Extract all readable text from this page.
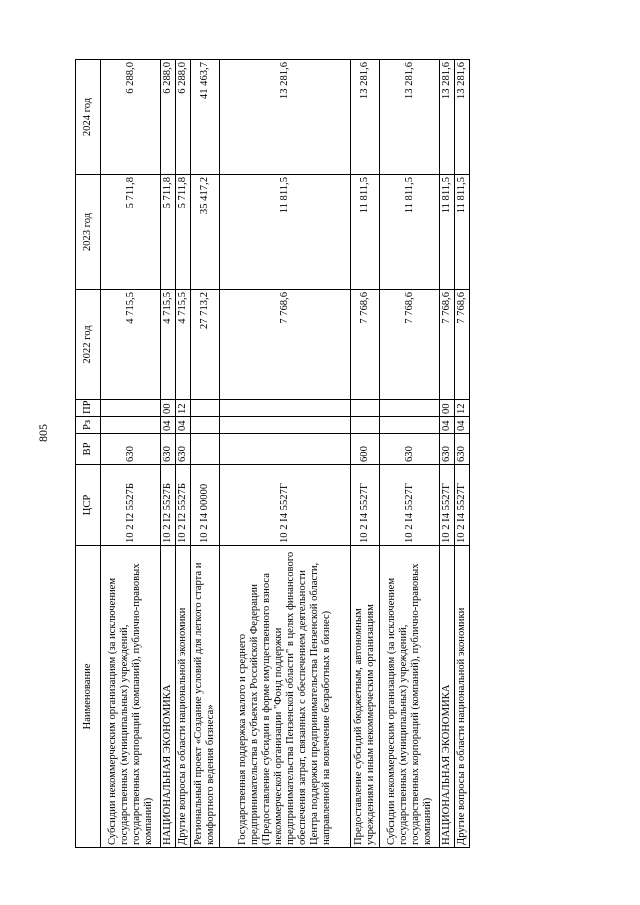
805
Наименование	ЦСР	ВР	Рз	ПР	2022 год	2023 год	2024 год
Субсидии некоммерческим организациям (за исключением государственных (муниципальных) учреждений, государственных корпораций (компаний), публично-правовых компаний)	10 2 I2 5527Б	630			4 715,5	5 711,8	6 288,0
НАЦИОНАЛЬНАЯ ЭКОНОМИКА	10 2 I2 5527Б	630	04	00	4 715,5	5 711,8	6 288,0
Другие вопросы в области национальной экономики	10 2 I2 5527Б	630	04	12	4 715,5	5 711,8	6 288,0
Региональный проект «Создание условий для легкого старта и комфортного ведения бизнеса»	10 2 I4 00000				27 713,2	35 417,2	41 463,7
Государственная поддержка малого и среднего предпринимательства в субъектах Российской Федерации (Предоставление субсидии в форме имущественного взноса некоммерческой организации "Фонд поддержки предпринимательства Пензенской области" в целях финансового обеспечения затрат, связанных с обеспечением деятельности Центра поддержки предпринимательства Пензенской области, направленной на вовлечение безработных в бизнес)	10 2 I4 5527Г				7 768,6	11 811,5	13 281,6
Предоставление субсидий бюджетным, автономным учреждениям и иным некоммерческим организациям	10 2 I4 5527Г	600			7 768,6	11 811,5	13 281,6
Субсидии некоммерческим организациям (за исключением государственных (муниципальных) учреждений, государственных корпораций (компаний), публично-правовых компаний)	10 2 I4 5527Г	630			7 768,6	11 811,5	13 281,6
НАЦИОНАЛЬНАЯ ЭКОНОМИКА	10 2 I4 5527Г	630	04	00	7 768,6	11 811,5	13 281,6
Другие вопросы в области национальной экономики	10 2 I4 5527Г	630	04	12	7 768,6	11 811,5	13 281,6
